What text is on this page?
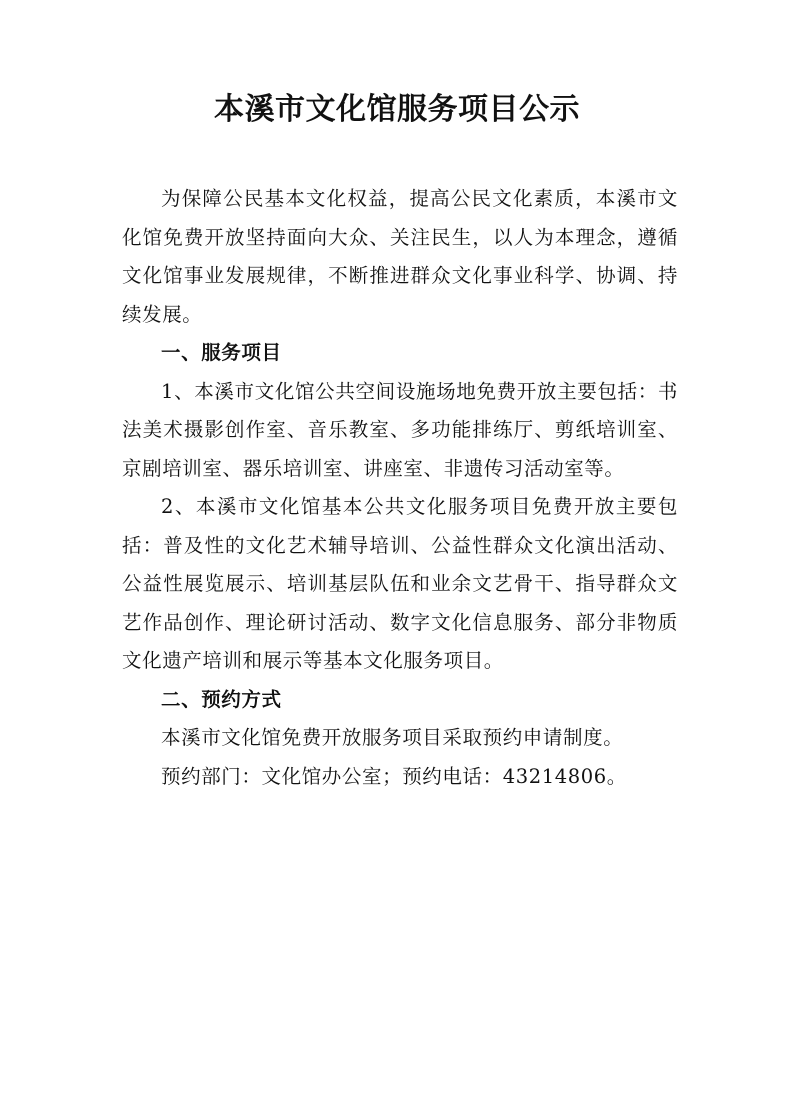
本溪市文化馆服务项目公示

为保障公民基本文化权益，提高公民文化素质，本溪市文化馆免费开放坚持面向大众、关注民生，以人为本理念，遵循文化馆事业发展规律，不断推进群众文化事业科学、协调、持续发展。

一、服务项目

1、本溪市文化馆公共空间设施场地免费开放主要包括：书法美术摄影创作室、音乐教室、多功能排练厅、剪纸培训室、京剧培训室、器乐培训室、讲座室、非遗传习活动室等。

2、本溪市文化馆基本公共文化服务项目免费开放主要包括：普及性的文化艺术辅导培训、公益性群众文化演出活动、公益性展览展示、培训基层队伍和业余文艺骨干、指导群众文艺作品创作、理论研讨活动、数字文化信息服务、部分非物质文化遗产培训和展示等基本文化服务项目。

二、预约方式

本溪市文化馆免费开放服务项目采取预约申请制度。

预约部门：文化馆办公室；预约电话：43214806。
